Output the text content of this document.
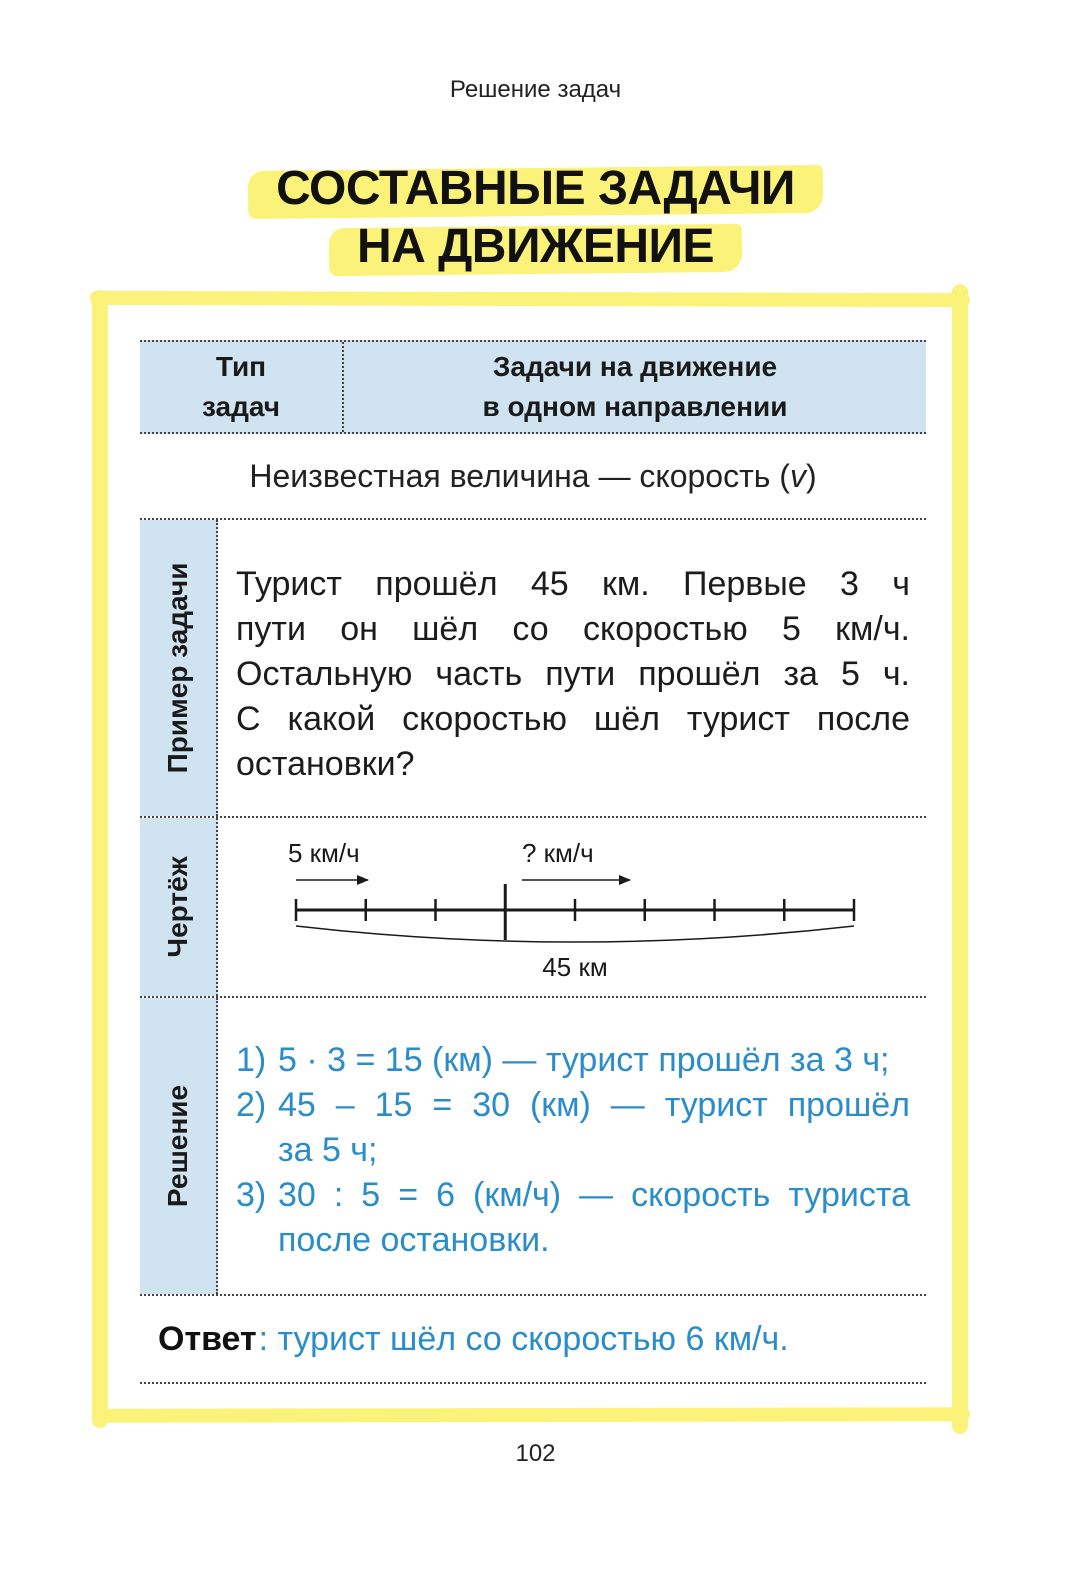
Решение задач
СОСТАВНЫЕ ЗАДАЧИ
НА ДВИЖЕНИЕ
Тип
задач
Задачи на движение
в одном направлении
Неизвестная величина — скорость ( v )
Пример задачи Турист прошёл 45 км. Первые 3 ч
пути он шёл со скоростью 5 км/ч.
Остальную часть пути прошёл за 5 ч.
С какой скоростью шёл турист после
остановки?
Чертёж
5 км/ч	? км/ч
45 км
Решение
1) 5 · 3 = 15 (км) — турист прошёл за 3 ч;
2) 45 – 15 = 30 (км) — турист прошёл
за 5 ч;
3) 30 : 5 = 6 (км/ч) — скорость туриста
после остановки.
Ответ : турист шёл со скоростью 6 км/ч.
102
